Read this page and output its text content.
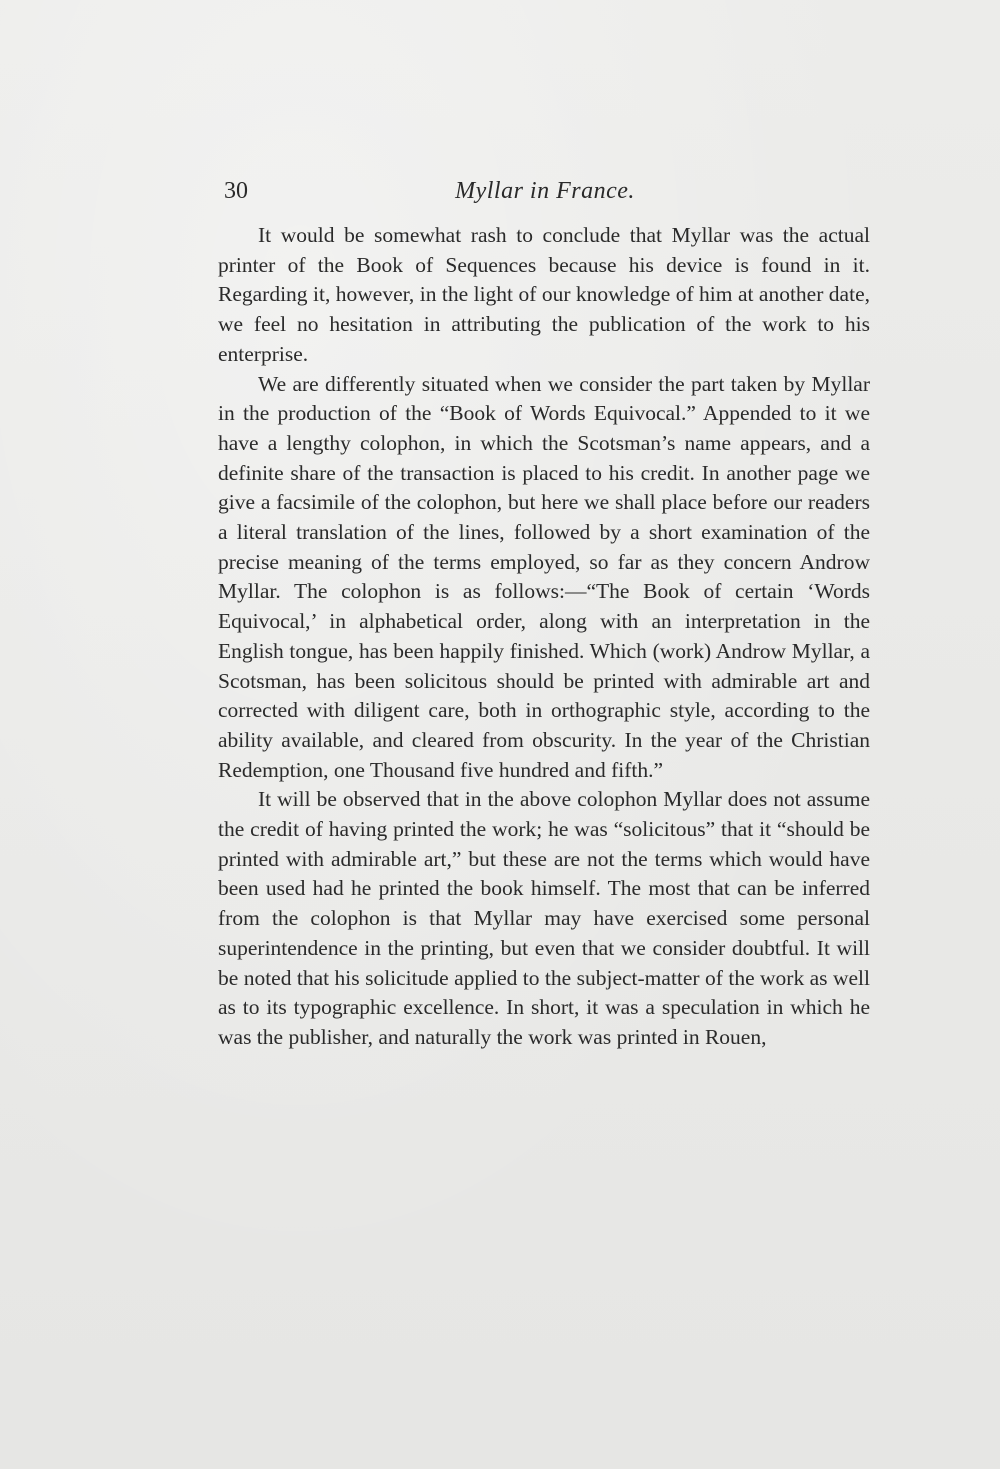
30	Myllar in France.

It would be somewhat rash to conclude that Myllar was the actual printer of the Book of Sequences because his device is found in it. Regarding it, however, in the light of our knowledge of him at another date, we feel no hesitation in attributing the publication of the work to his enterprise.

We are differently situated when we consider the part taken by Myllar in the production of the “Book of Words Equivocal.” Appended to it we have a lengthy colophon, in which the Scotsman’s name appears, and a definite share of the transaction is placed to his credit. In another page we give a facsimile of the colophon, but here we shall place before our readers a literal translation of the lines, followed by a short examination of the precise meaning of the terms employed, so far as they concern Androw Myllar. The colophon is as follows:—“The Book of certain ‘Words Equivocal,’ in alphabetical order, along with an interpretation in the English tongue, has been happily finished. Which (work) Androw Myllar, a Scotsman, has been solicitous should be printed with admirable art and corrected with diligent care, both in orthographic style, according to the ability available, and cleared from obscurity. In the year of the Christian Redemption, one Thousand five hundred and fifth.”

It will be observed that in the above colophon Myllar does not assume the credit of having printed the work; he was “solicitous” that it “should be printed with admirable art,” but these are not the terms which would have been used had he printed the book himself. The most that can be inferred from the colophon is that Myllar may have exercised some personal superintendence in the printing, but even that we consider doubtful. It will be noted that his solicitude applied to the subject-matter of the work as well as to its typographic excellence. In short, it was a speculation in which he was the publisher, and naturally the work was printed in Rouen,
